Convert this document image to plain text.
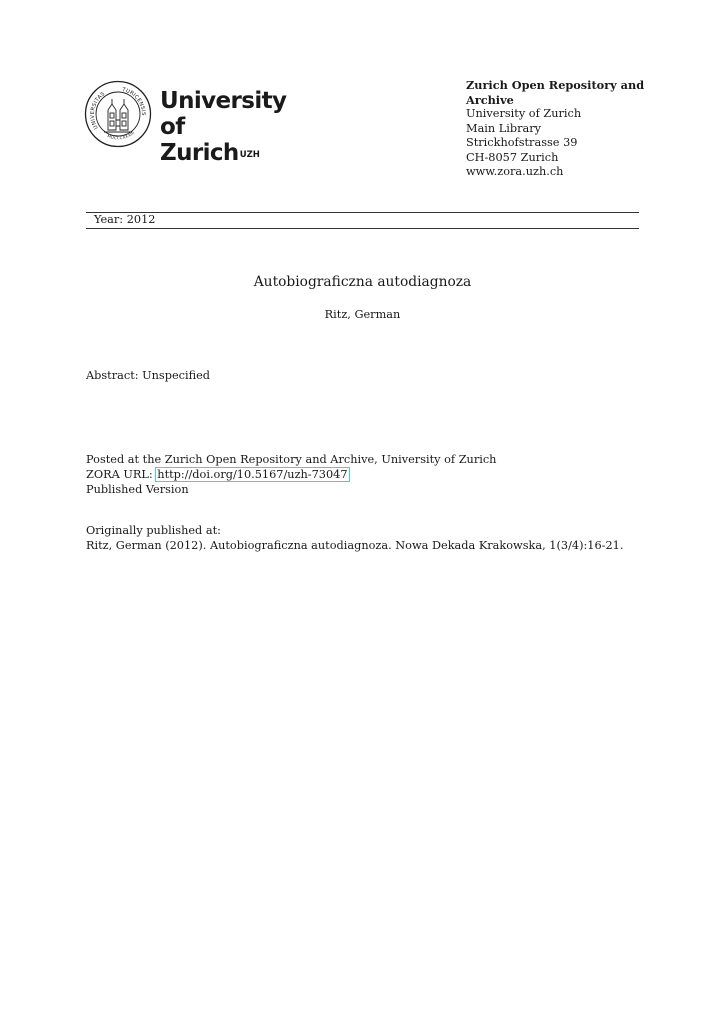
UNIVERSITAS
TURICENSIS
MDCCCXXXIII
University of
Zurich$^{UZH}$
Zurich Open Repository and
Archive
University of Zurich
Main Library
Strickhofstrasse 39
CH-8057 Zurich
www.zora.uzh.ch
Year: 2012
Autobiograficzna autodiagnoza
Ritz, German
Abstract: Unspecified
Posted at the Zurich Open Repository and Archive, University of Zurich
ZORA URL: http://doi.org/10.5167/uzh-73047
Published Version
Originally published at:
Ritz, German (2012). Autobiograficzna autodiagnoza. Nowa Dekada Krakowska, 1(3/4):16-21.
